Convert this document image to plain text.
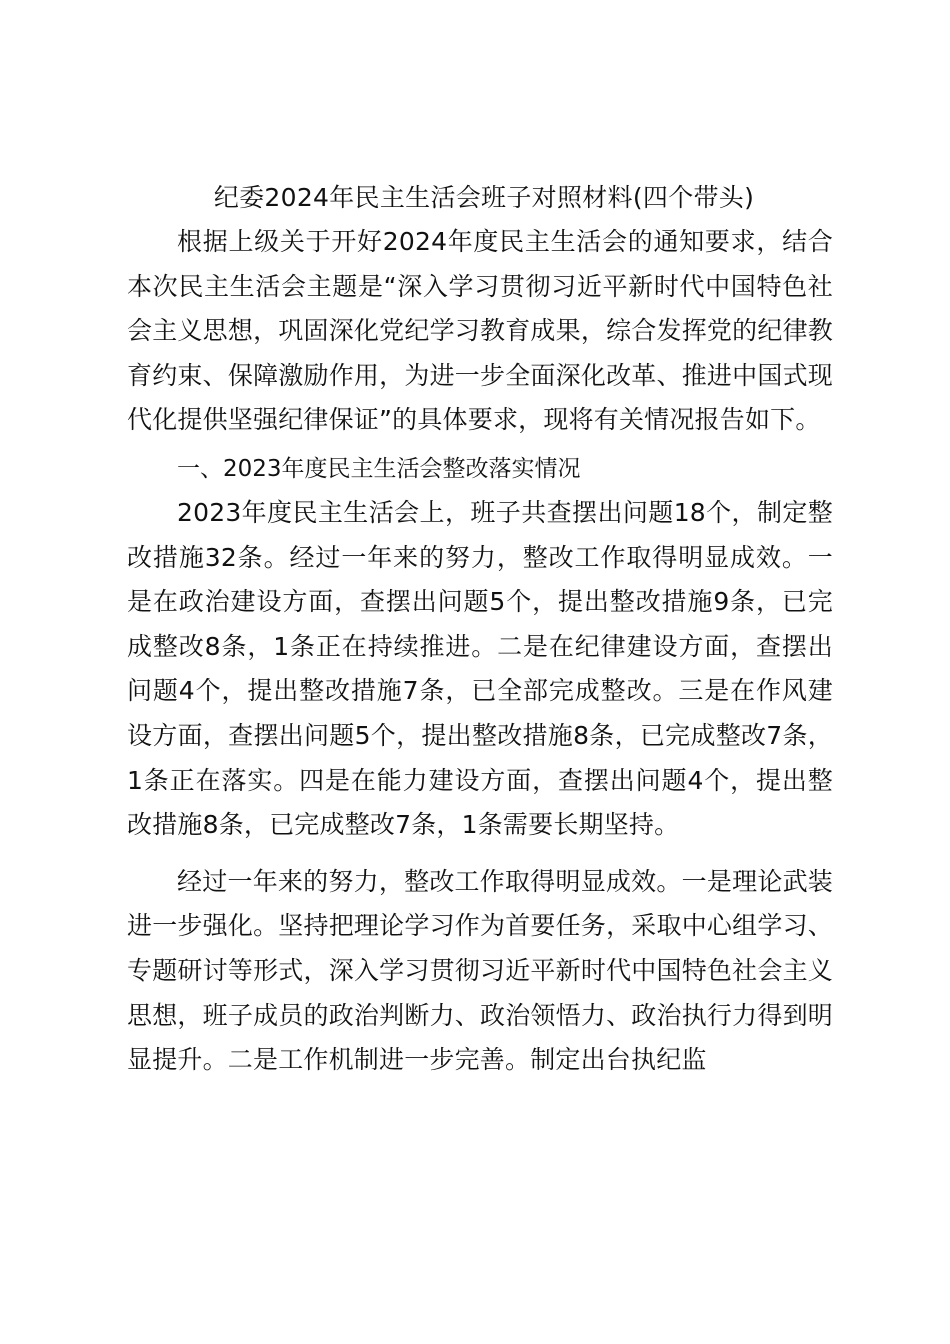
纪委2024年民主生活会班子对照材料(四个带头)

根据上级关于开好2024年度民主生活会的通知要求，结合本次民主生活会主题是“深入学习贯彻习近平新时代中国特色社会主义思想，巩固深化党纪学习教育成果，综合发挥党的纪律教育约束、保障激励作用，为进一步全面深化改革、推进中国式现代化提供坚强纪律保证”的具体要求，现将有关情况报告如下。

一、2023年度民主生活会整改落实情况

2023年度民主生活会上，班子共查摆出问题18个，制定整改措施32条。经过一年来的努力，整改工作取得明显成效。一是在政治建设方面，查摆出问题5个，提出整改措施9条，已完成整改8条，1条正在持续推进。二是在纪律建设方面，查摆出问题4个，提出整改措施7条，已全部完成整改。三是在作风建设方面，查摆出问题5个，提出整改措施8条，已完成整改7条，1条正在落实。四是在能力建设方面，查摆出问题4个，提出整改措施8条，已完成整改7条，1条需要长期坚持。

经过一年来的努力，整改工作取得明显成效。一是理论武装进一步强化。坚持把理论学习作为首要任务，采取中心组学习、专题研讨等形式，深入学习贯彻习近平新时代中国特色社会主义思想，班子成员的政治判断力、政治领悟力、政治执行力得到明显提升。二是工作机制进一步完善。制定出台执纪监
